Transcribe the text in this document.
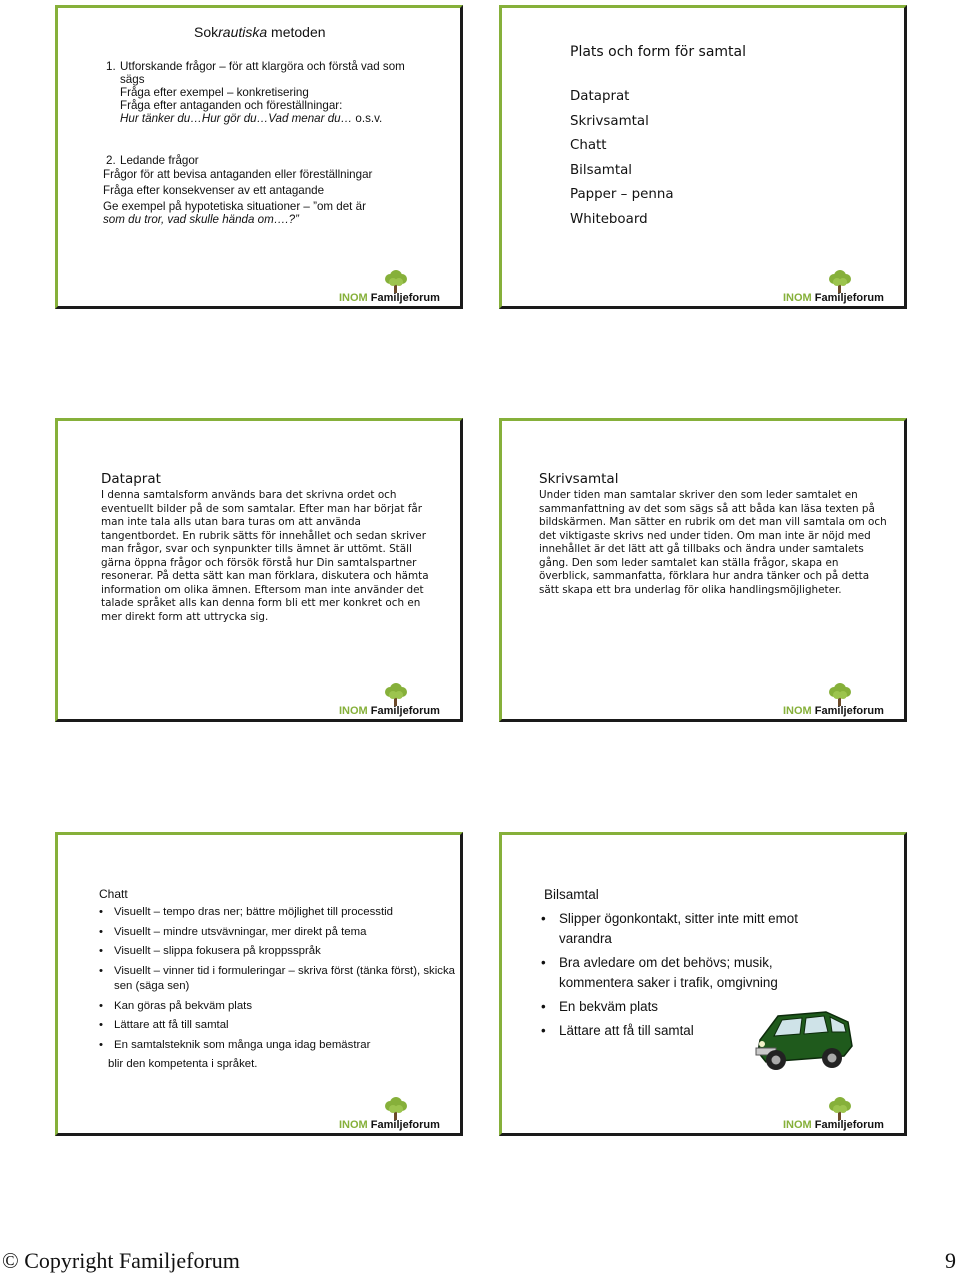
Sokrautiska metoden
1. Utforskande frågor – för att klargöra och förstå vad som sägs
Fråga efter exempel – konkretisering
Fråga efter antaganden och föreställningar:
Hur tänker du…Hur gör du…Vad menar du… o.s.v.
2. Ledande frågor
Frågor för att bevisa antaganden eller föreställningar
Fråga efter konsekvenser av ett antagande
Ge exempel på hypotetiska situationer – ”om det är
som du tror, vad skulle hända om….?”
INOM Familjeforum
Plats och form för samtal
Dataprat
Skrivsamtal
Chatt
Bilsamtal
Papper – penna
Whiteboard
INOM Familjeforum
Dataprat
I denna samtalsform används bara det skrivna ordet och eventuellt bilder på de som samtalar. Efter man har börjat får man inte tala alls utan bara turas om att använda tangentbordet. En rubrik sätts för innehållet och sedan skriver man frågor, svar och synpunkter tills ämnet är uttömt. Ställ gärna öppna frågor och försök förstå hur Din samtalspartner resonerar. På detta sätt kan man förklara, diskutera och hämta information om olika ämnen. Eftersom man inte använder det talade språket alls kan denna form bli ett mer konkret och en mer direkt form att uttrycka sig.
INOM Familjeforum
Skrivsamtal
Under tiden man samtalar skriver den som leder samtalet en sammanfattning av det som sägs så att båda kan läsa texten på bildskärmen. Man sätter en rubrik om det man vill samtala om och det viktigaste skrivs ned under tiden. Om man inte är nöjd med innehållet är det lätt att gå tillbaks och ändra under samtalets gång. Den som leder samtalet kan ställa frågor, skapa en överblick, sammanfatta, förklara hur andra tänker och på detta sätt skapa ett bra underlag för olika handlingsmöjligheter.
INOM Familjeforum
Chatt
• Visuellt – tempo dras ner; bättre möjlighet till processtid
• Visuellt – mindre utsvävningar, mer direkt på tema
• Visuellt – slippa fokusera på kroppsspråk
• Visuellt – vinner tid i formuleringar – skriva först (tänka först), skicka sen (säga sen)
• Kan göras på bekväm plats
• Lättare att få till samtal
• En samtalsteknik som många unga idag bemästrar
blir den kompetenta i språket.
INOM Familjeforum
Bilsamtal
• Slipper ögonkontakt, sitter inte mitt emot varandra
• Bra avledare om det behövs; musik, kommentera saker i trafik, omgivning
• En bekväm plats
• Lättare att få till samtal
INOM Familjeforum
© Copyright Familjeforum	9
